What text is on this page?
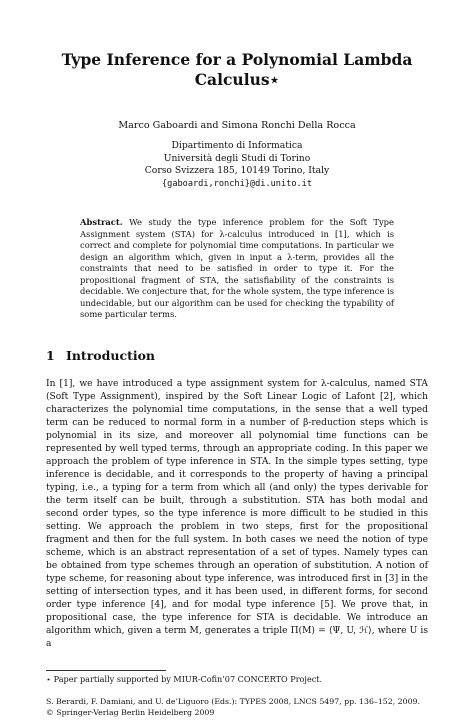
Type Inference for a Polynomial Lambda
Calculus⋆
Marco Gaboardi and Simona Ronchi Della Rocca
Dipartimento di Informatica
Università degli Studi di Torino
Corso Svizzera 185, 10149 Torino, Italy
{gaboardi,ronchi}@di.unito.it
Abstract. We study the type inference problem for the Soft Type Assignment system (STA) for λ-calculus introduced in [1], which is correct and complete for polynomial time computations. In particular we design an algorithm which, given in input a λ-term, provides all the constraints that need to be satisfied in order to type it. For the propositional fragment of STA, the satisfiability of the constraints is decidable. We conjecture that, for the whole system, the type inference is undecidable, but our algorithm can be used for checking the typability of some particular terms.
1 Introduction
In [1], we have introduced a type assignment system for λ-calculus, named STA (Soft Type Assignment), inspired by the Soft Linear Logic of Lafont [2], which characterizes the polynomial time computations, in the sense that a well typed term can be reduced to normal form in a number of β-reduction steps which is polynomial in its size, and moreover all polynomial time functions can be represented by well typed terms, through an appropriate coding. In this paper we approach the problem of type inference in STA. In the simple types setting, type inference is decidable, and it corresponds to the property of having a principal typing, i.e., a typing for a term from which all (and only) the types derivable for the term itself can be built, through a substitution. STA has both modal and second order types, so the type inference is more difficult to be studied in this setting. We approach the problem in two steps, first for the propositional fragment and then for the full system. In both cases we need the notion of type scheme, which is an abstract representation of a set of types. Namely types can be obtained from type schemes through an operation of substitution. A notion of type scheme, for reasoning about type inference, was introduced first in [3] in the setting of intersection types, and it has been used, in different forms, for second order type inference [4], and for modal type inference [5]. We prove that, in propositional case, the type inference for STA is decidable. We introduce an algorithm which, given a term M, generates a triple Π(M) = ⟨Ψ, U, ℋ⟩, where U is a
⋆ Paper partially supported by MIUR-Cofin’07 CONCERTO Project.
S. Berardi, F. Damiani, and U. de’Liguoro (Eds.): TYPES 2008, LNCS 5497, pp. 136–152, 2009.
© Springer-Verlag Berlin Heidelberg 2009
